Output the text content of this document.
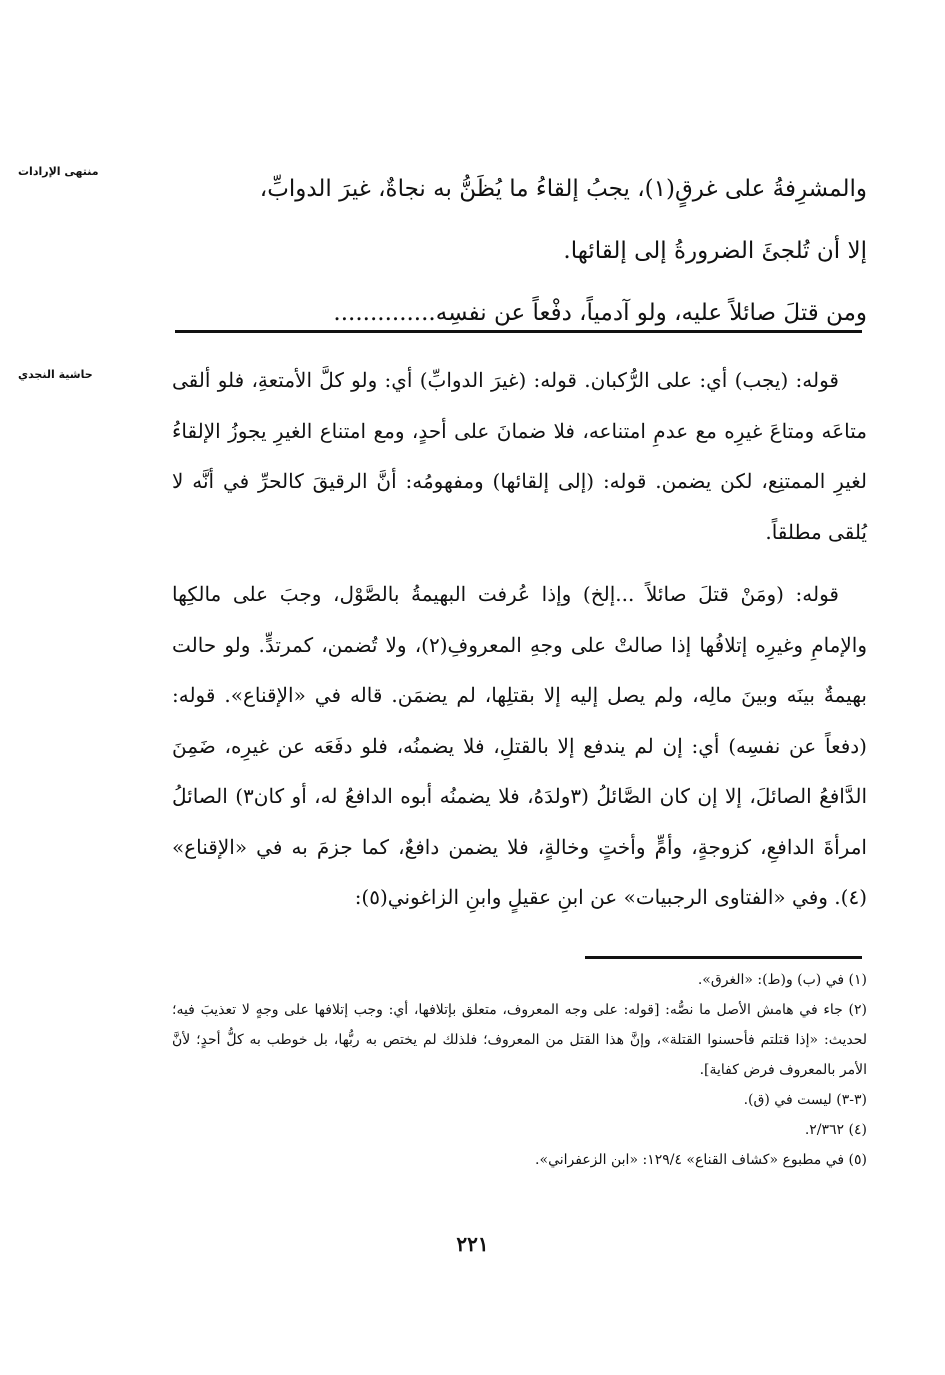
منتهى الإرادات
حاشية النجدي

والمشرِفةُ على غرقٍ(١)، يجبُ إلقاءُ ما يُظَنُّ به نجاةٌ، غيرَ الدوابِّ،

إلا أن تُلجئَ الضرورةُ إلى إلقائها.

ومن قتلَ صائلاً عليه، ولو آدمياً، دفْعاً عن نفسِه..............

قوله: (يجب) أي: على الرُّكبان. قوله: (غيرَ الدوابِّ) أي: ولو كلَّ الأمتعةِ، فلو ألقى متاعَه ومتاعَ غيرِه مع عدمِ امتناعه، فلا ضمانَ على أحدٍ، ومع امتناع الغيرِ يجوزُ الإلقاءُ لغيرِ الممتنِع، لكن يضمن. قوله: (إلى إلقائها) ومفهومُه: أنَّ الرقيقَ كالحرِّ في أنَّه لا يُلقى مطلقاً.

قوله: (ومَنْ قتلَ صائلاً ...إلخ) وإذا عُرفت البهيمةُ بالصَّوْل، وجبَ على مالكِها والإمامِ وغيرِه إتلافُها إذا صالتْ على وجهِ المعروفِ(٢)، ولا تُضمن، كمرتدٍّ. ولو حالت بهيمةٌ بينَه وبينَ مالِه، ولم يصل إليه إلا بقتلِها، لم يضمَن. قاله في «الإقناع». قوله: (دفعاً عن نفسِه) أي: إن لم يندفع إلا بالقتلِ، فلا يضمنُه، فلو دفَعَه عن غيرِه، ضَمِنَ الدَّافعُ الصائلَ، إلا إن كان الصَّائلُ (٣ولدَهُ، فلا يضمنُه أبوه الدافعُ له، أو كان٣) الصائلُ امرأةَ الدافعِ، كزوجةٍ، وأمٍّ وأختٍ وخالةٍ، فلا يضمن دافعٌ، كما جزمَ به في «الإقناع» (٤). وفي «الفتاوى الرجبيات» عن ابنِ عقيلٍ وابنِ الزاغوني(٥):

(١) في (ب) و(ط): «الغرق».

(٢) جاء في هامش الأصل ما نصُّه: [قوله: على وجه المعروف، متعلق بإتلافها، أي: وجب إتلافها على وجهٍ لا تعذيبَ فيه؛ لحديث: «إذا قتلتم فأحسنوا القتلة»، وإنَّ هذا القتل من المعروف؛ فلذلك لم يختص به ربُّها، بل خوطب به كلُّ أحدٍ؛ لأنَّ الأمر بالمعروف فرض كفاية].

(٣-٣) ليست في (ق).

(٤) ٢/٣٦٢.

(٥) في مطبوع «كشاف القناع» ١٢٩/٤: «ابن الزعفراني».

٢٢١
